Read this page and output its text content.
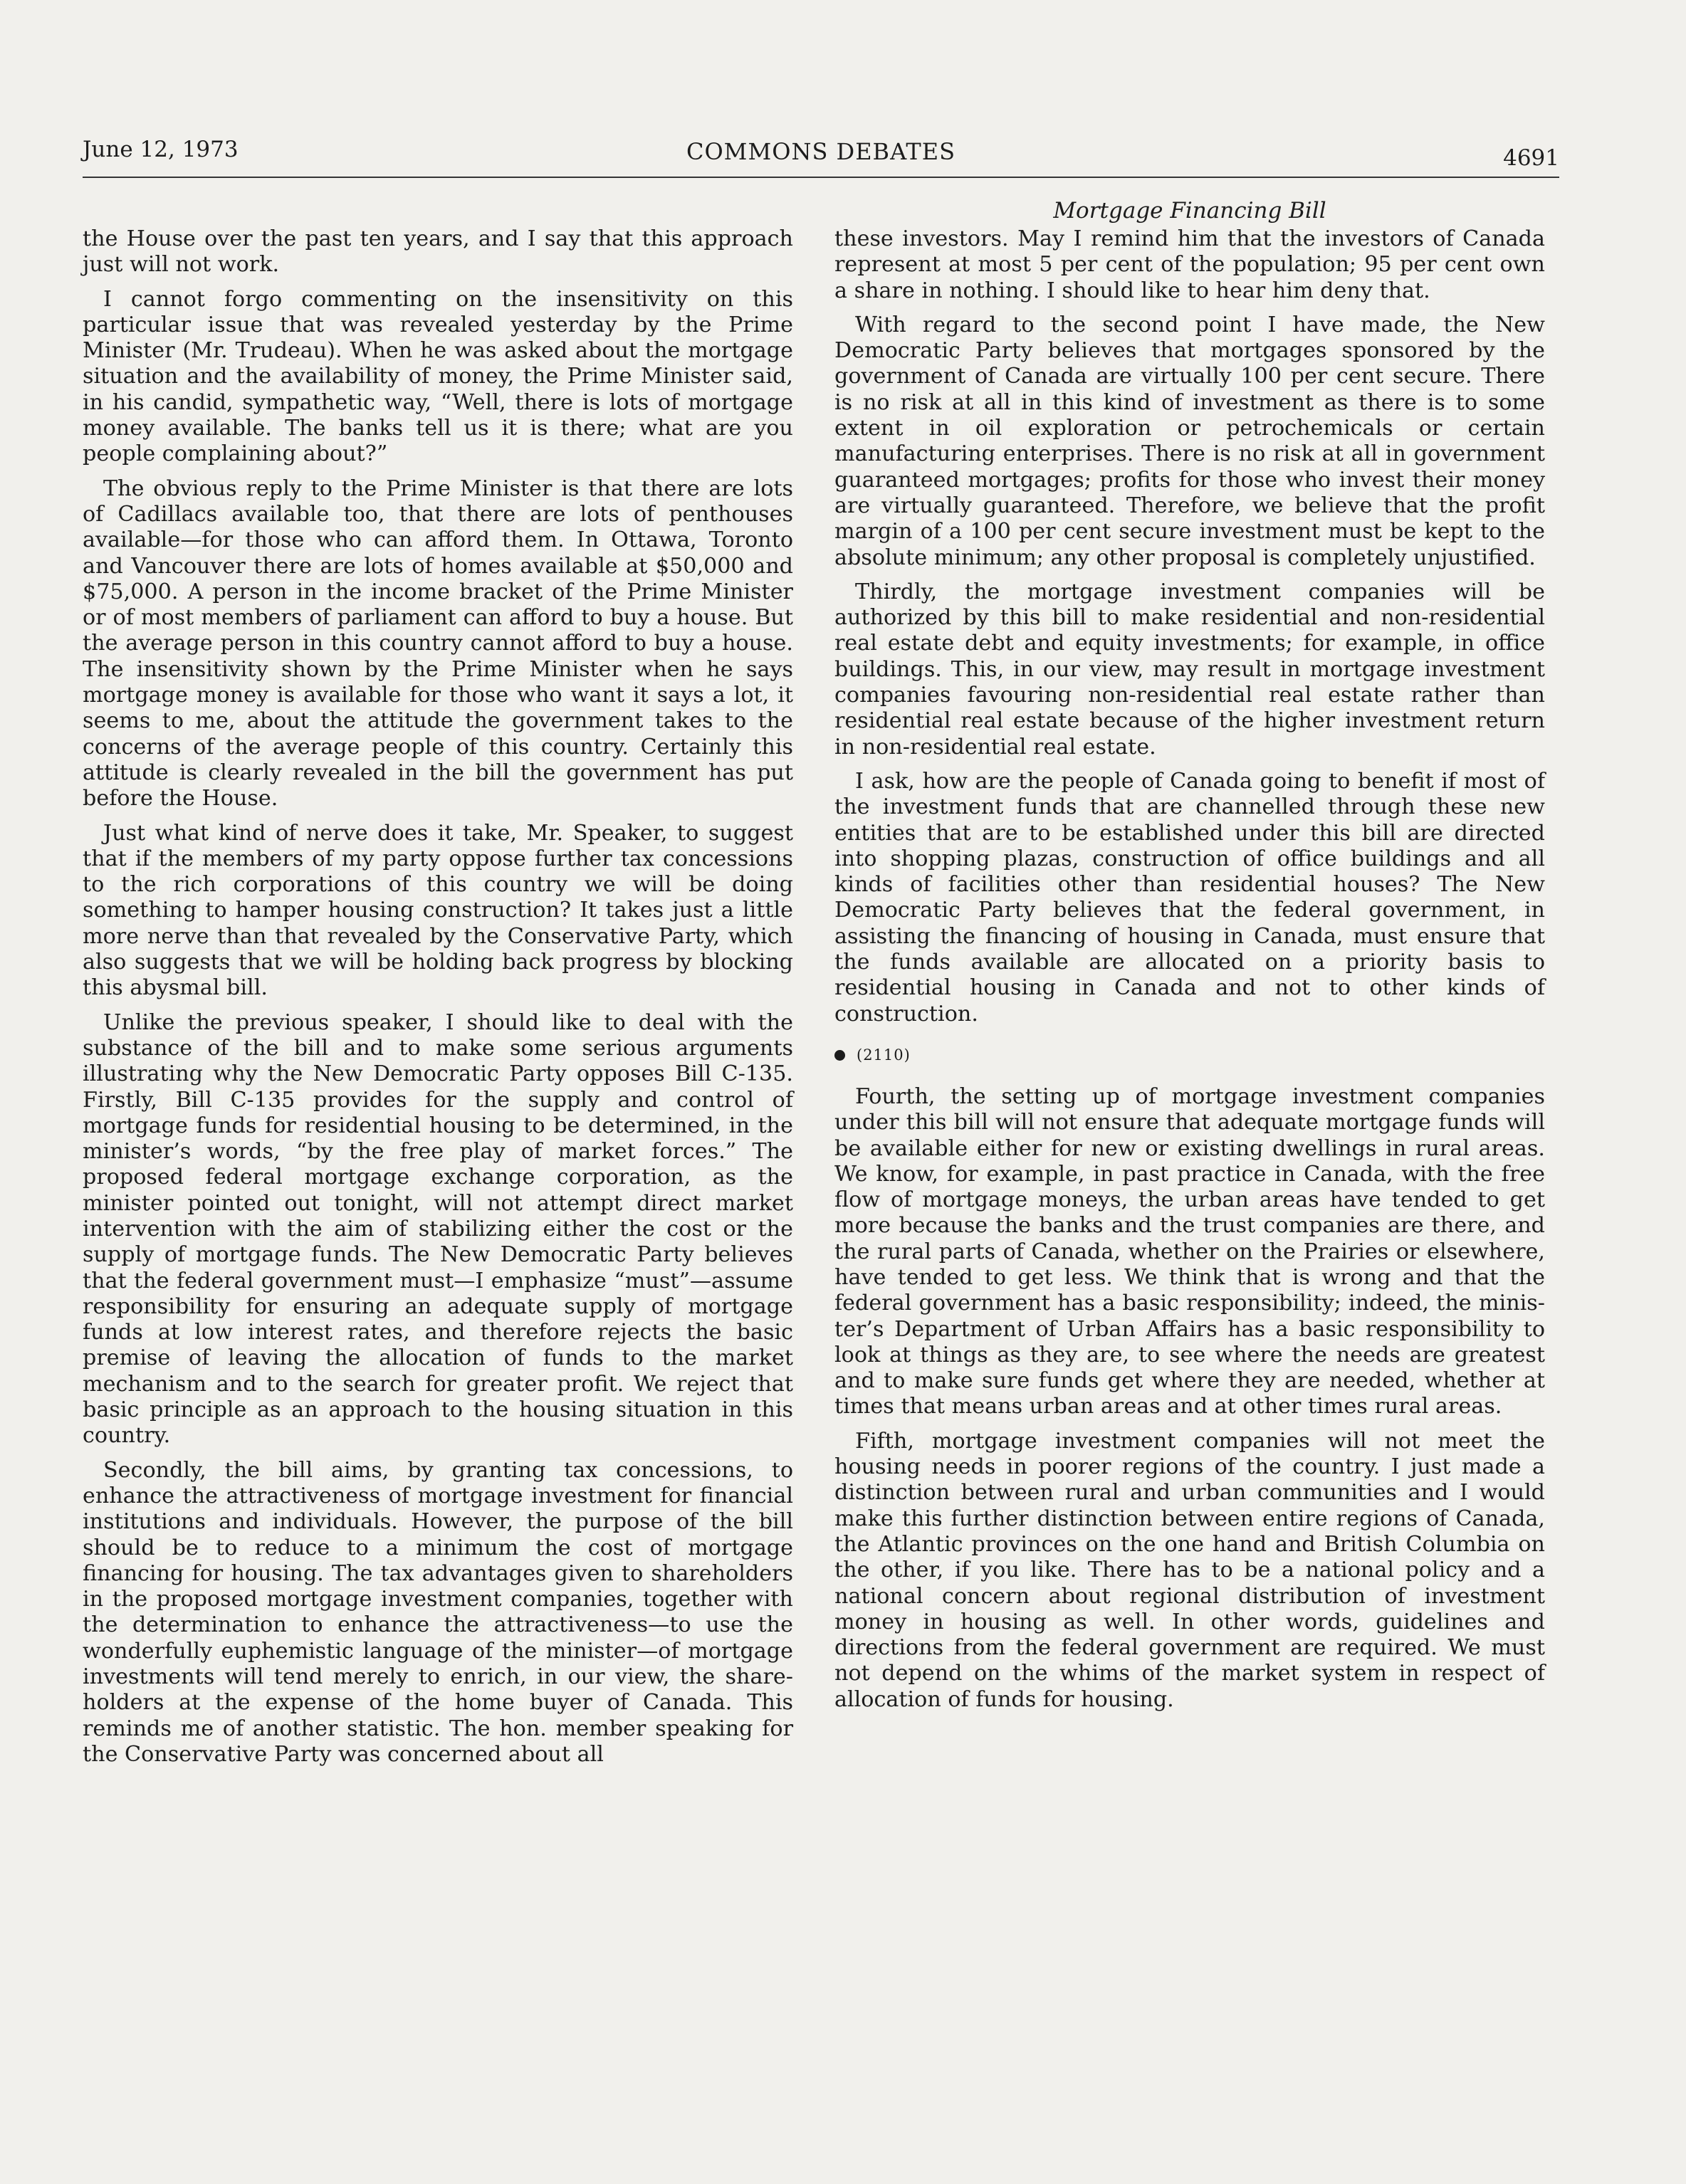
June 12, 1973	COMMONS DEBATES	4691
Mortgage Financing Bill

the House over the past ten years, and I say that this approach just will not work.

I cannot forgo commenting on the insensitivity on this particular issue that was revealed yesterday by the Prime Minister (Mr. Trudeau). When he was asked about the mortgage situation and the availability of money, the Prime Minister said, in his candid, sympathetic way, “Well, there is lots of mortgage money available. The banks tell us it is there; what are you people complaining about?”

The obvious reply to the Prime Minister is that there are lots of Cadillacs available too, that there are lots of penthouses available—for those who can afford them. In Ottawa, Toronto and Vancouver there are lots of homes available at $50,000 and $75,000. A person in the income bracket of the Prime Minister or of most members of parliament can afford to buy a house. But the average person in this country cannot afford to buy a house. The insensitivity shown by the Prime Minister when he says mortgage money is available for those who want it says a lot, it seems to me, about the attitude the government takes to the concerns of the average people of this country. Certainly this attitude is clearly revealed in the bill the government has put before the House.

Just what kind of nerve does it take, Mr. Speaker, to suggest that if the members of my party oppose further tax concessions to the rich corporations of this country we will be doing something to hamper housing construction? It takes just a little more nerve than that revealed by the Conservative Party, which also suggests that we will be holding back progress by blocking this abysmal bill.

Unlike the previous speaker, I should like to deal with the substance of the bill and to make some serious arguments illustrating why the New Democratic Party opposes Bill C-135. Firstly, Bill C-135 provides for the supply and control of mortgage funds for residential housing to be determined, in the minister’s words, “by the free play of market forces.” The proposed federal mortgage exchange corporation, as the minister pointed out tonight, will not attempt direct market intervention with the aim of stabilizing either the cost or the supply of mortgage funds. The New Democratic Party believes that the federal government must—I emphasize “must”—assume responsibility for ensuring an adequate supply of mortgage funds at low interest rates, and therefore rejects the basic premise of leaving the allocation of funds to the market mechanism and to the search for greater profit. We reject that basic principle as an approach to the housing situation in this country.

Secondly, the bill aims, by granting tax concessions, to enhance the attractiveness of mortgage investment for financial institutions and individuals. However, the purpose of the bill should be to reduce to a minimum the cost of mortgage financing for housing. The tax advantages given to shareholders in the proposed mortgage investment companies, together with the determination to enhance the attractiveness—to use the wonderfully euphemistic language of the minister—of mortgage investments will tend merely to enrich, in our view, the shareholders at the expense of the home buyer of Canada. This reminds me of another statistic. The hon. member speaking for the Conservative Party was concerned about all

these investors. May I remind him that the investors of Canada represent at most 5 per cent of the population; 95 per cent own a share in nothing. I should like to hear him deny that.

With regard to the second point I have made, the New Democratic Party believes that mortgages sponsored by the government of Canada are virtually 100 per cent secure. There is no risk at all in this kind of investment as there is to some extent in oil exploration or petrochemicals or certain manufacturing enterprises. There is no risk at all in government guaranteed mortgages; profits for those who invest their money are virtually guaranteed. Therefore, we believe that the profit margin of a 100 per cent secure investment must be kept to the absolute minimum; any other proposal is completely unjustified.

Thirdly, the mortgage investment companies will be authorized by this bill to make residential and non-residential real estate debt and equity investments; for example, in office buildings. This, in our view, may result in mortgage investment companies favouring non-residential real estate rather than residential real estate because of the higher investment return in non-residential real estate.

I ask, how are the people of Canada going to benefit if most of the investment funds that are channelled through these new entities that are to be established under this bill are directed into shopping plazas, construction of office buildings and all kinds of facilities other than residential houses? The New Democratic Party believes that the federal government, in assisting the financing of housing in Canada, must ensure that the funds available are allocated on a priority basis to residential housing in Canada and not to other kinds of construction.

(2110)

Fourth, the setting up of mortgage investment companies under this bill will not ensure that adequate mortgage funds will be available either for new or existing dwellings in rural areas. We know, for example, in past practice in Canada, with the free flow of mortgage moneys, the urban areas have tended to get more because the banks and the trust companies are there, and the rural parts of Canada, whether on the Prairies or elsewhere, have tended to get less. We think that is wrong and that the federal government has a basic responsibility; indeed, the minister’s Department of Urban Affairs has a basic responsibility to look at things as they are, to see where the needs are greatest and to make sure funds get where they are needed, whether at times that means urban areas and at other times rural areas.

Fifth, mortgage investment companies will not meet the housing needs in poorer regions of the country. I just made a distinction between rural and urban communities and I would make this further distinction between entire regions of Canada, the Atlantic provinces on the one hand and British Columbia on the other, if you like. There has to be a national policy and a national concern about regional distribution of investment money in housing as well. In other words, guidelines and directions from the federal government are required. We must not depend on the whims of the market system in respect of allocation of funds for housing.
